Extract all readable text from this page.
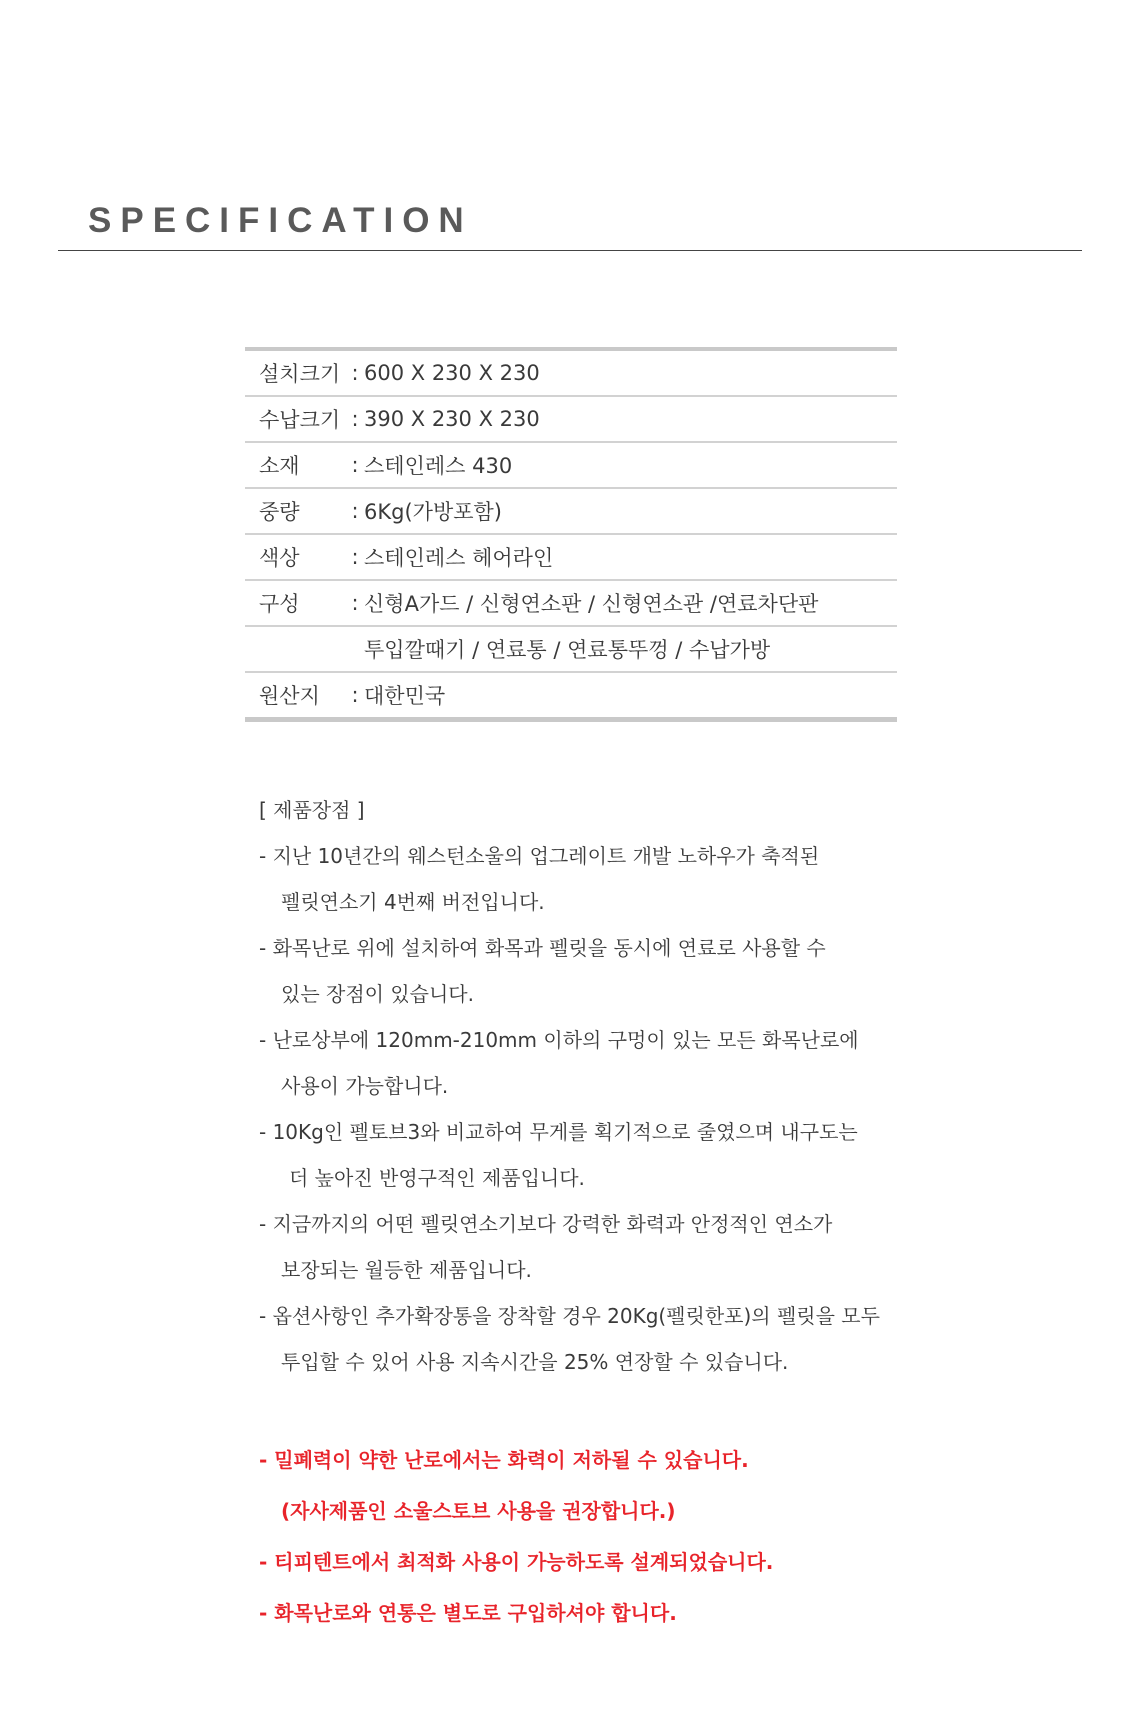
SPECIFICATION
설치크기 : 600 X 230 X 230
수납크기 : 390 X 230 X 230
소재	: 스테인레스 430
중량	: 6Kg(가방포함)
색상	: 스테인레스 헤어라인
구성	: 신형A가드 / 신형연소판 / 신형연소관 /연료차단판
투입깔때기 / 연료통 / 연료통뚜껑 / 수납가방
원산지	: 대한민국
[ 제품장점 ]
- 지난 10년간의 웨스턴소울의 업그레이트 개발 노하우가 축적된
펠릿연소기 4번째 버전입니다.
- 화목난로 위에 설치하여 화목과 펠릿을 동시에 연료로 사용할 수
있는 장점이 있습니다.
- 난로상부에 120mm-210mm 이하의 구멍이 있는 모든 화목난로에
사용이 가능합니다.
- 10Kg인 펠토브3와 비교하여 무게를 획기적으로 줄였으며 내구도는
더 높아진 반영구적인 제품입니다.
- 지금까지의 어떤 펠릿연소기보다 강력한 화력과 안정적인 연소가
보장되는 월등한 제품입니다.
- 옵션사항인 추가확장통을 장착할 경우 20Kg(펠릿한포)의 펠릿을 모두
투입할 수 있어 사용 지속시간을 25% 연장할 수 있습니다.
- 밀폐력이 약한 난로에서는 화력이 저하될 수 있습니다.
(자사제품인 소울스토브 사용을 권장합니다.)
- 티피텐트에서 최적화 사용이 가능하도록 설계되었습니다.
- 화목난로와 연통은 별도로 구입하셔야 합니다.
